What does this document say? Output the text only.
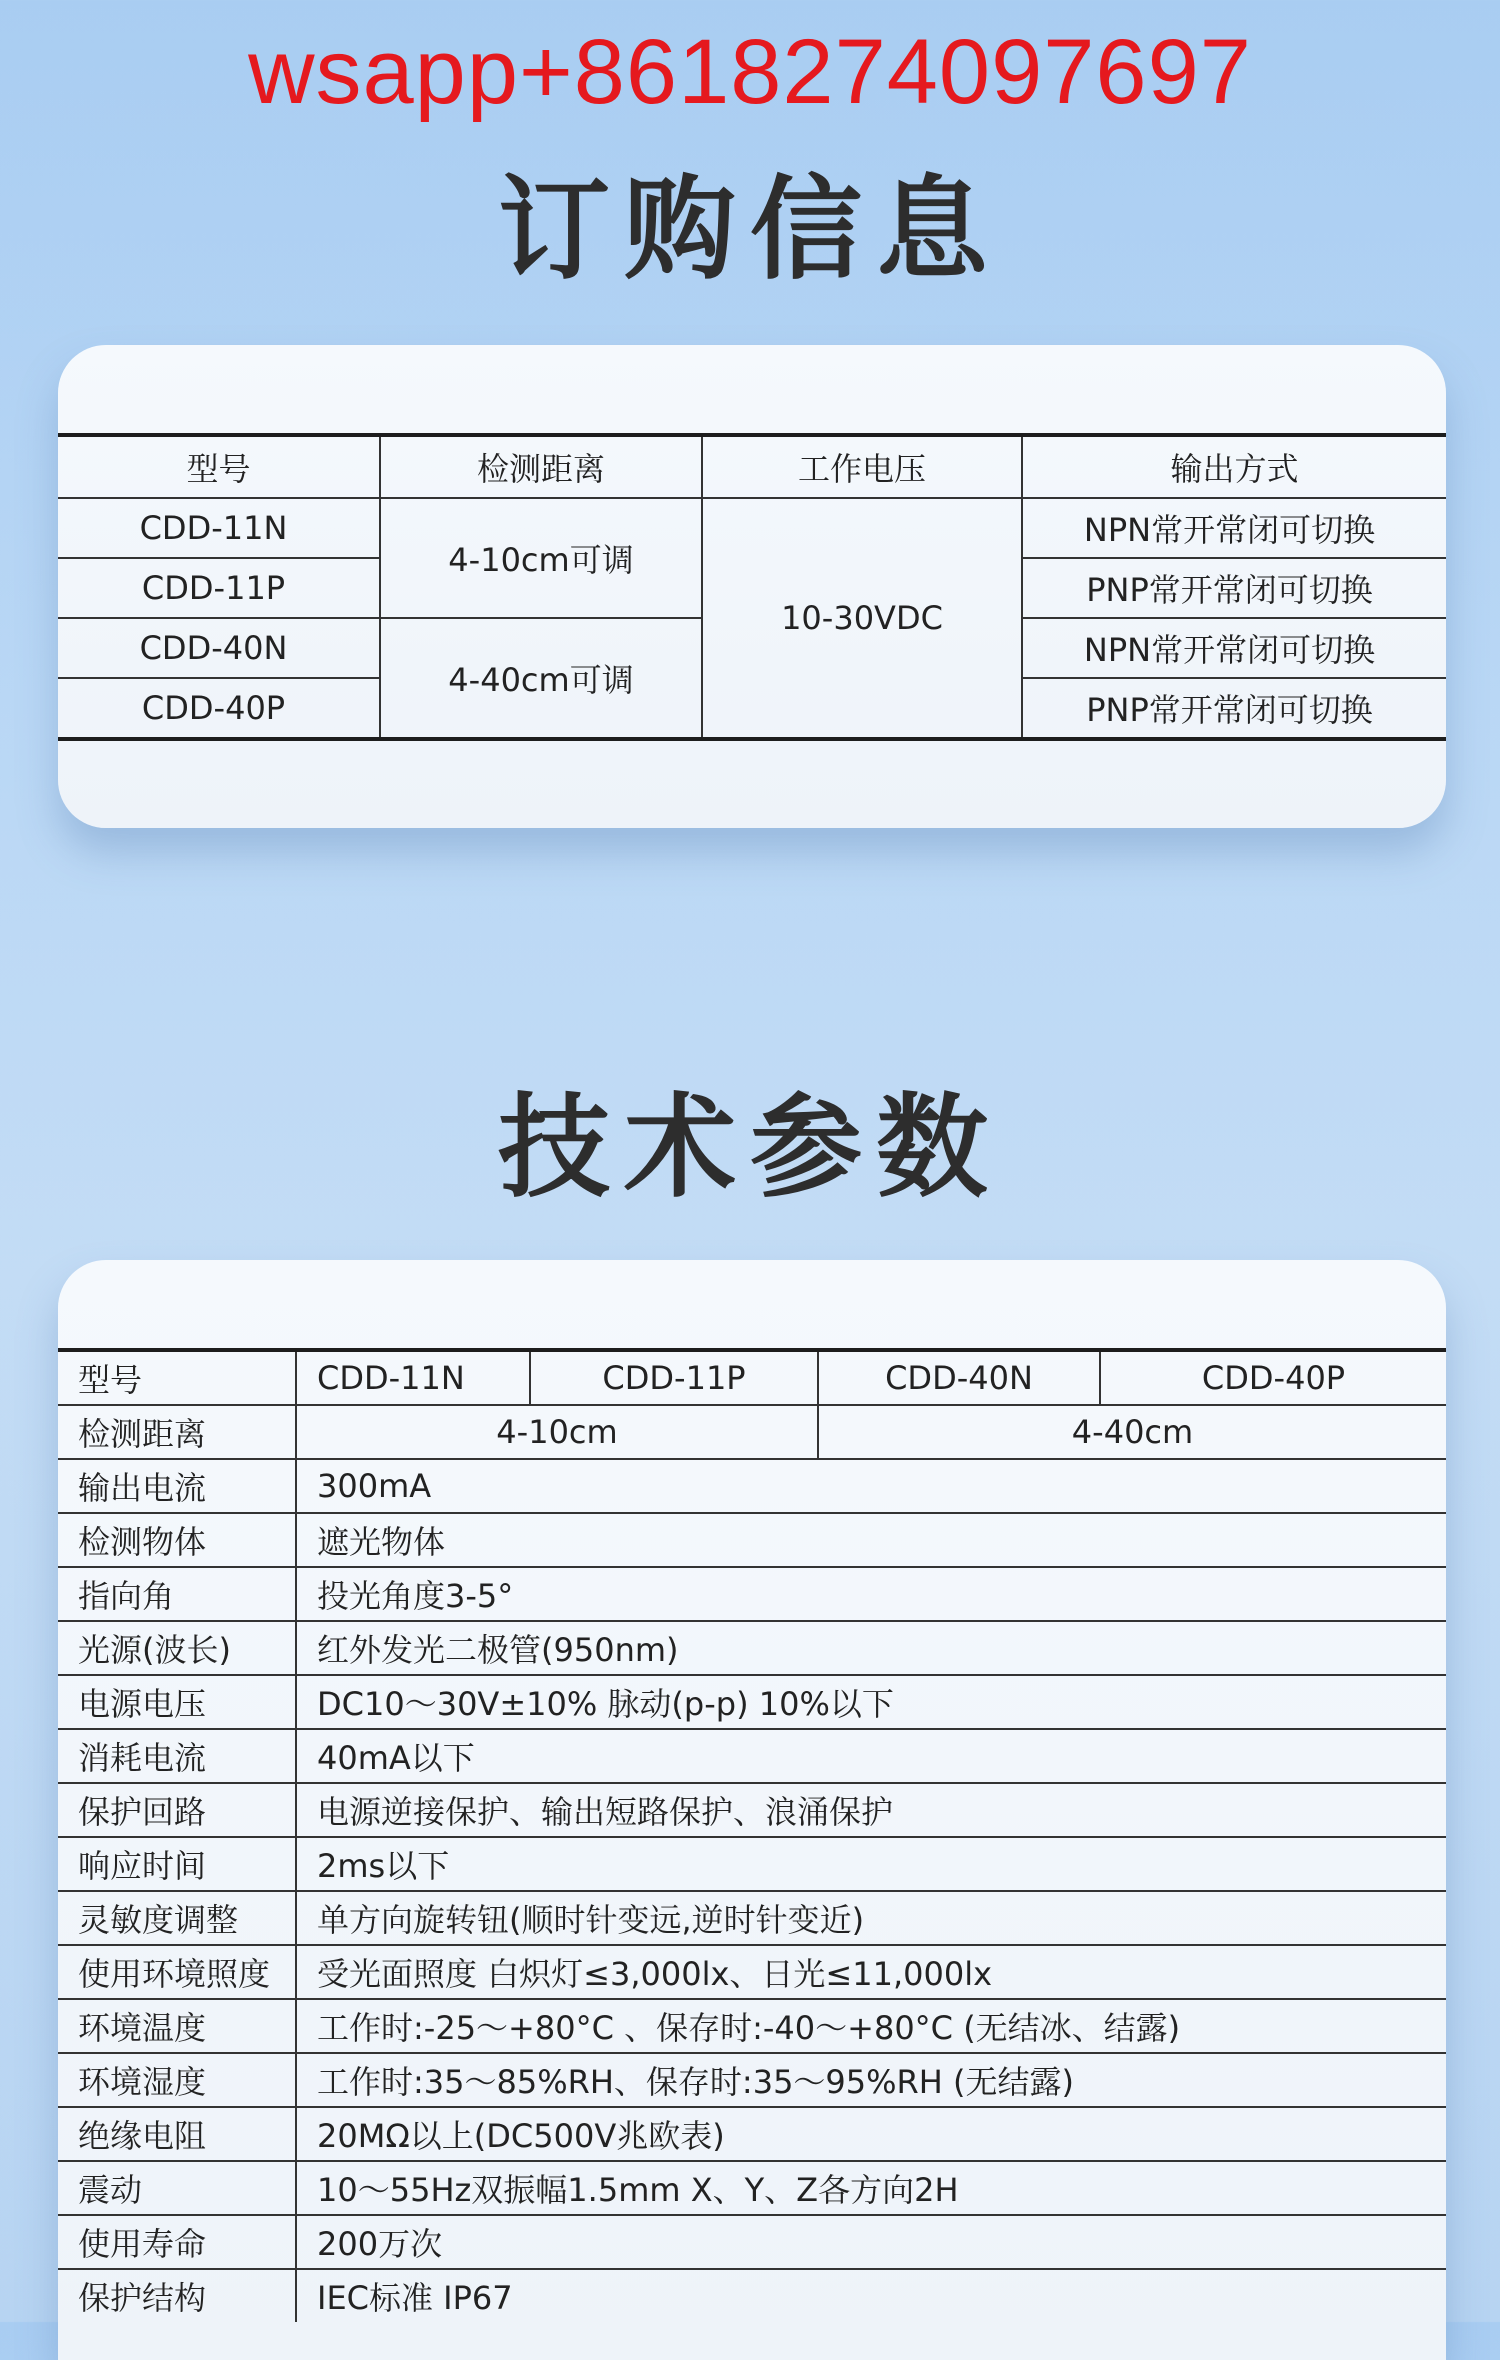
wsapp+8618274097697
订购信息
型号	检测距离	工作电压	输出方式
CDD-11N	4-10cm可调	10-30VDC	NPN常开常闭可切换
CDD-11P			PNP常开常闭可切换
CDD-40N	4-40cm可调		NPN常开常闭可切换
CDD-40P			PNP常开常闭可切换
技术参数
型号	CDD-11N	CDD-11P	CDD-40N	CDD-40P
检测距离	4-10cm		4-40cm	
输出电流	300mA			
检测物体	遮光物体			
指向角	投光角度3-5°			
光源(波长)	红外发光二极管(950nm)			
电源电压	DC10～30V±10% 脉动(p-p) 10%以下			
消耗电流	40mA以下			
保护回路	电源逆接保护、输出短路保护、浪涌保护			
响应时间	2ms以下			
灵敏度调整	单方向旋转钮(顺时针变远,逆时针变近)			
使用环境照度	受光面照度 白炽灯≤3,000lx、日光≤11,000lx			
环境温度	工作时:-25～+80°C 、保存时:-40～+80°C (无结冰、结露)			
环境湿度	工作时:35～85%RH、保存时:35～95%RH (无结露)			
绝缘电阻	20MΩ以上(DC500V兆欧表)			
震动	10～55Hz双振幅1.5mm X、Y、Z各方向2H			
使用寿命	200万次			
保护结构	IEC标准 IP67			
